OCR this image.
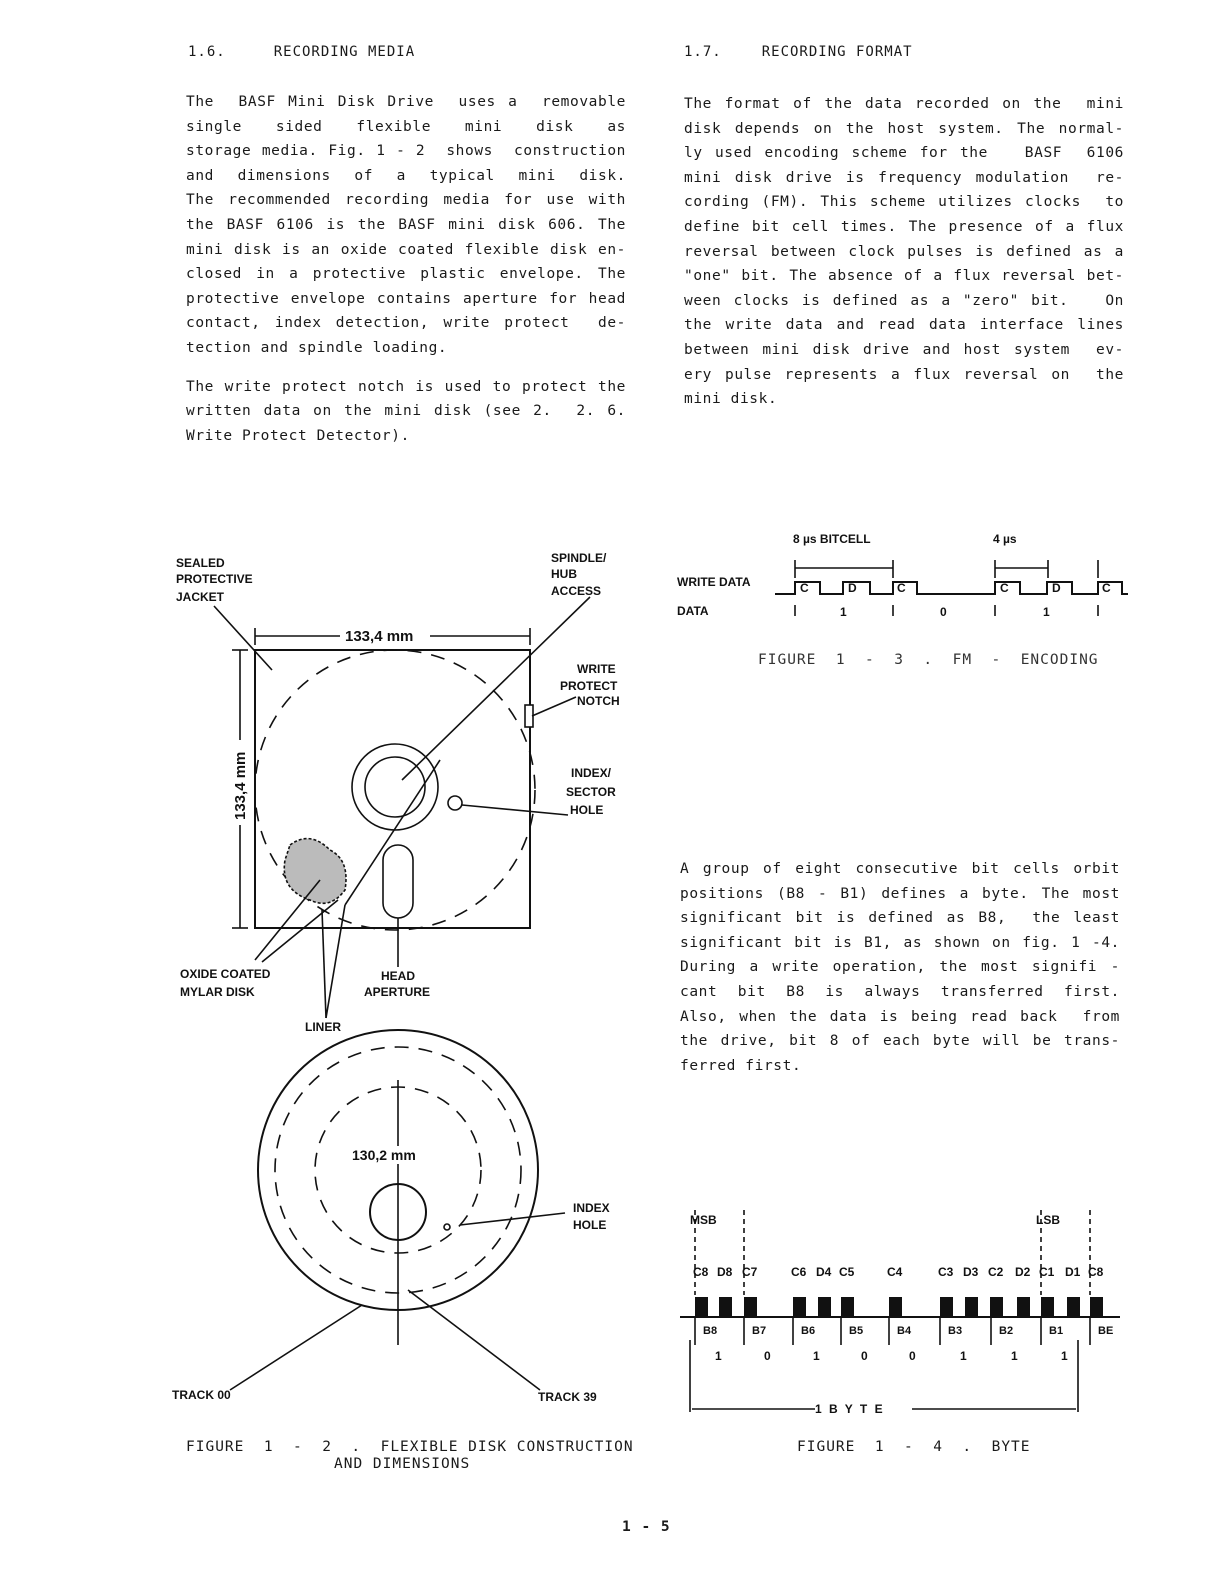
1.6.	RECORDING MEDIA	1.7.	RECORDING FORMAT
The  BASF Mini Disk Drive  uses a  removable
single sided flexible mini disk as
storage media. Fig. 1 - 2  shows  construction
and dimensions of a typical mini disk.
The recommended recording media for use with
the BASF 6106 is the BASF mini disk 606. The
mini disk is an oxide coated flexible disk en-
closed in a protective plastic envelope. The
protective envelope contains aperture for head
contact, index detection, write protect  de-
tection and spindle loading.
The write protect notch is used to protect the
written data on the mini disk (see 2.  2. 6.
Write Protect Detector).
The format of the data recorded on the  mini
disk depends on the host system. The normal-
ly used encoding scheme for the   BASF  6106
mini disk drive is frequency modulation  re-
cording (FM). This scheme utilizes clocks  to
define bit cell times. The presence of a flux
reversal between clock pulses is defined as a
"one" bit. The absence of a flux reversal bet-
ween clocks is defined as a "zero" bit.   On
the write data and read data interface lines
between mini disk drive and host system  ev-
ery pulse represents a flux reversal on  the
mini disk.
A group of eight consecutive bit cells orbit
positions (B8 - B1) defines a byte. The most
significant bit is defined as B8,  the least
significant bit is B1, as shown on fig. 1 -4.
During a write operation, the most signifi -
cant bit B8 is always transferred first.
Also, when the data is being read back  from
the drive, bit 8 of each byte will be trans-
ferred first.
SEALED
PROTECTIVE
JACKET
SPINDLE/
HUB
ACCESS
133,4 mm
133,4 mm
WRITE
PROTECT
NOTCH
INDEX/
SECTOR
HOLE
OXIDE COATED
MYLAR DISK
HEAD
APERTURE
LINER
130,2 mm
INDEX
HOLE
TRACK 00	TRACK 39
8 µs BITCELL	4 µs
WRITE DATA
DATA
C	D	C	C	D	C
1	0	1
MSB	LSB
1 B Y T E
C8 D8 C7	C6 D4 C5	C4	C3 D3 C2 D2 C1 D1 C8
B8	B7	B6	B5	B4	B3	B2	B1	BE
1	0	1	0	0	1	1	1
FIGURE  1  -  2  .  FLEXIBLE DISK CONSTRUCTION
AND DIMENSIONS
FIGURE  1  -  3  .  FM  -  ENCODING
FIGURE  1  -  4  .  BYTE
1 - 5
